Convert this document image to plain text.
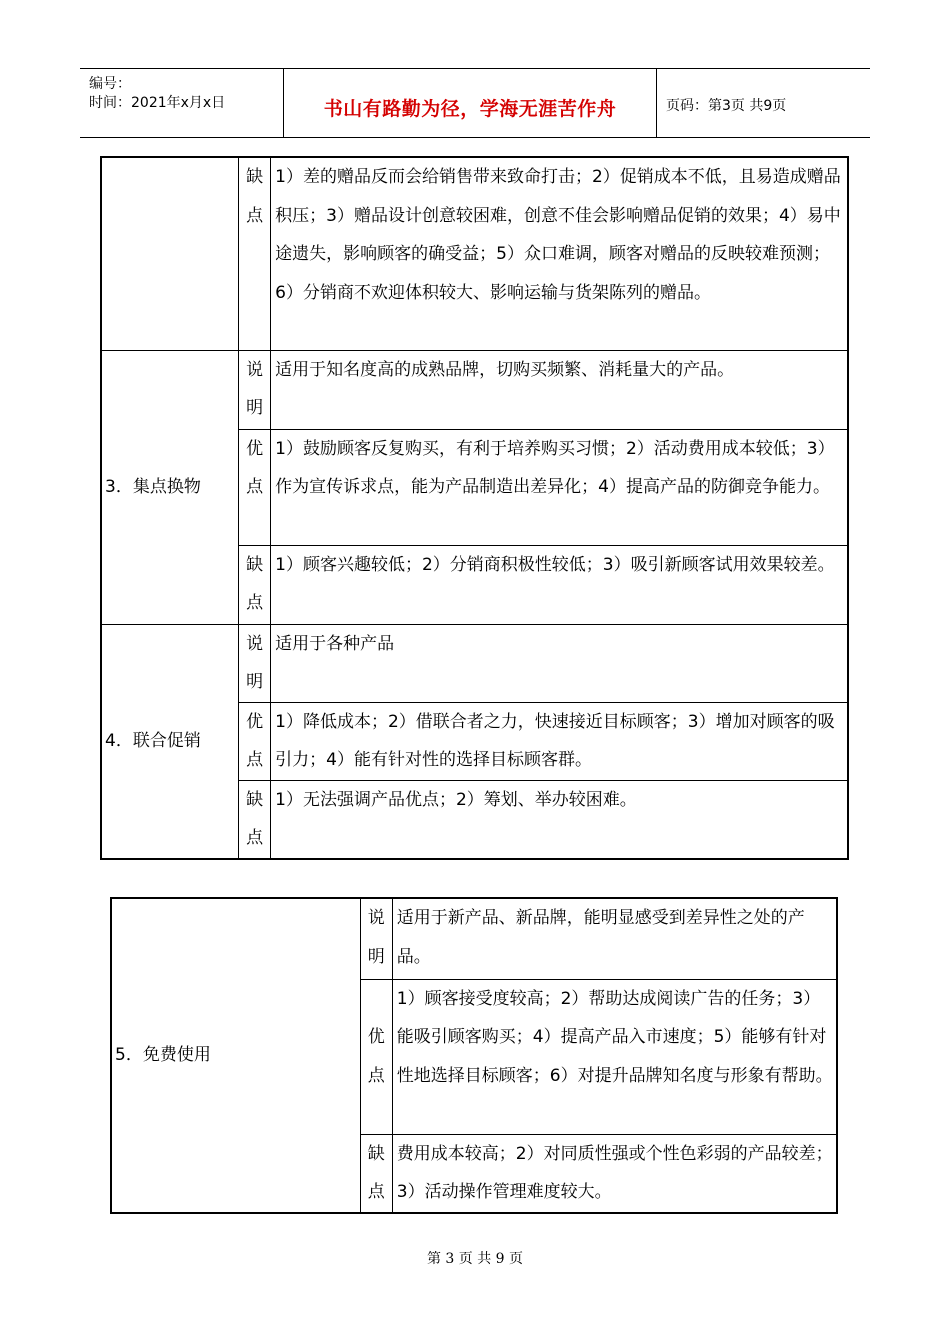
编号：
时间：2021年x月x日	书山有路勤为径，学海无涯苦作舟	页码：第3页 共9页
	缺点	1）差的赠品反而会给销售带来致命打击；2）促销成本不低，且易造成赠品积压；3）赠品设计创意较困难，创意不佳会影响赠品促销的效果；4）易中途遗失，影响顾客的确受益；5）众口难调，顾客对赠品的反映较难预测；6）分销商不欢迎体积较大、影响运输与货架陈列的赠品。
3．集点换物	说明	适用于知名度高的成熟品牌，切购买频繁、消耗量大的产品。
	优点	1）鼓励顾客反复购买，有利于培养购买习惯；2）活动费用成本较低；3）作为宣传诉求点，能为产品制造出差异化；4）提高产品的防御竞争能力。
	缺点	1）顾客兴趣较低；2）分销商积极性较低；3）吸引新顾客试用效果较差。
4．联合促销	说明	适用于各种产品
	优点	1）降低成本；2）借联合者之力，快速接近目标顾客；3）增加对顾客的吸引力；4）能有针对性的选择目标顾客群。
	缺点	1）无法强调产品优点；2）筹划、举办较困难。
5．免费使用	说明	适用于新产品、新品牌，能明显感受到差异性之处的产品。
	优点	1）顾客接受度较高；2）帮助达成阅读广告的任务；3）能吸引顾客购买；4）提高产品入市速度；5）能够有针对性地选择目标顾客；6）对提升品牌知名度与形象有帮助。
	缺点	费用成本较高；2）对同质性强或个性色彩弱的产品较差；3）活动操作管理难度较大。
第 3 页 共 9 页
